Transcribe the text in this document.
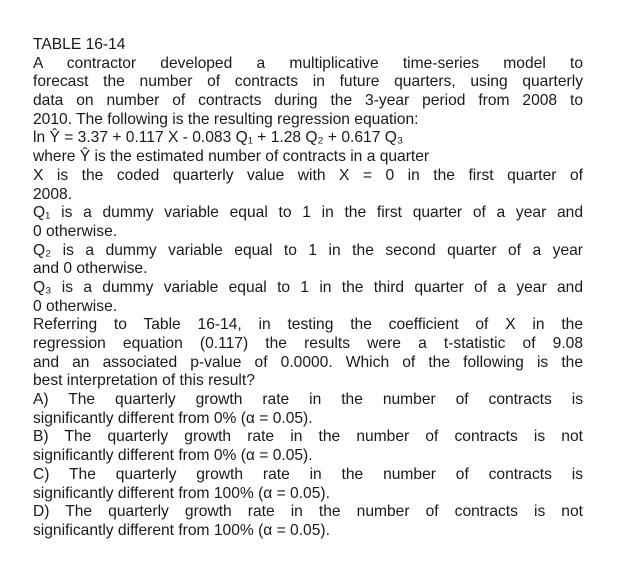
TABLE 16-14
A contractor developed a multiplicative time-series model to
forecast the number of contracts in future quarters, using quarterly
data on number of contracts during the 3-year period from 2008 to
2010. The following is the resulting regression equation:
ln Ŷ = 3.37 + 0.117 X - 0.083 Q₁ + 1.28 Q₂ + 0.617 Q₃
where Ŷ is the estimated number of contracts in a quarter
X is the coded quarterly value with X = 0 in the first quarter of
2008.
Q₁ is a dummy variable equal to 1 in the first quarter of a year and
0 otherwise.
Q₂ is a dummy variable equal to 1 in the second quarter of a year
and 0 otherwise.
Q₃ is a dummy variable equal to 1 in the third quarter of a year and
0 otherwise.
Referring to Table 16-14, in testing the coefficient of X in the
regression equation (0.117) the results were a t-statistic of 9.08
and an associated p-value of 0.0000. Which of the following is the
best interpretation of this result?
A) The quarterly growth rate in the number of contracts is
significantly different from 0% (α = 0.05).
B) The quarterly growth rate in the number of contracts is not
significantly different from 0% (α = 0.05).
C) The quarterly growth rate in the number of contracts is
significantly different from 100% (α = 0.05).
D) The quarterly growth rate in the number of contracts is not
significantly different from 100% (α = 0.05).
